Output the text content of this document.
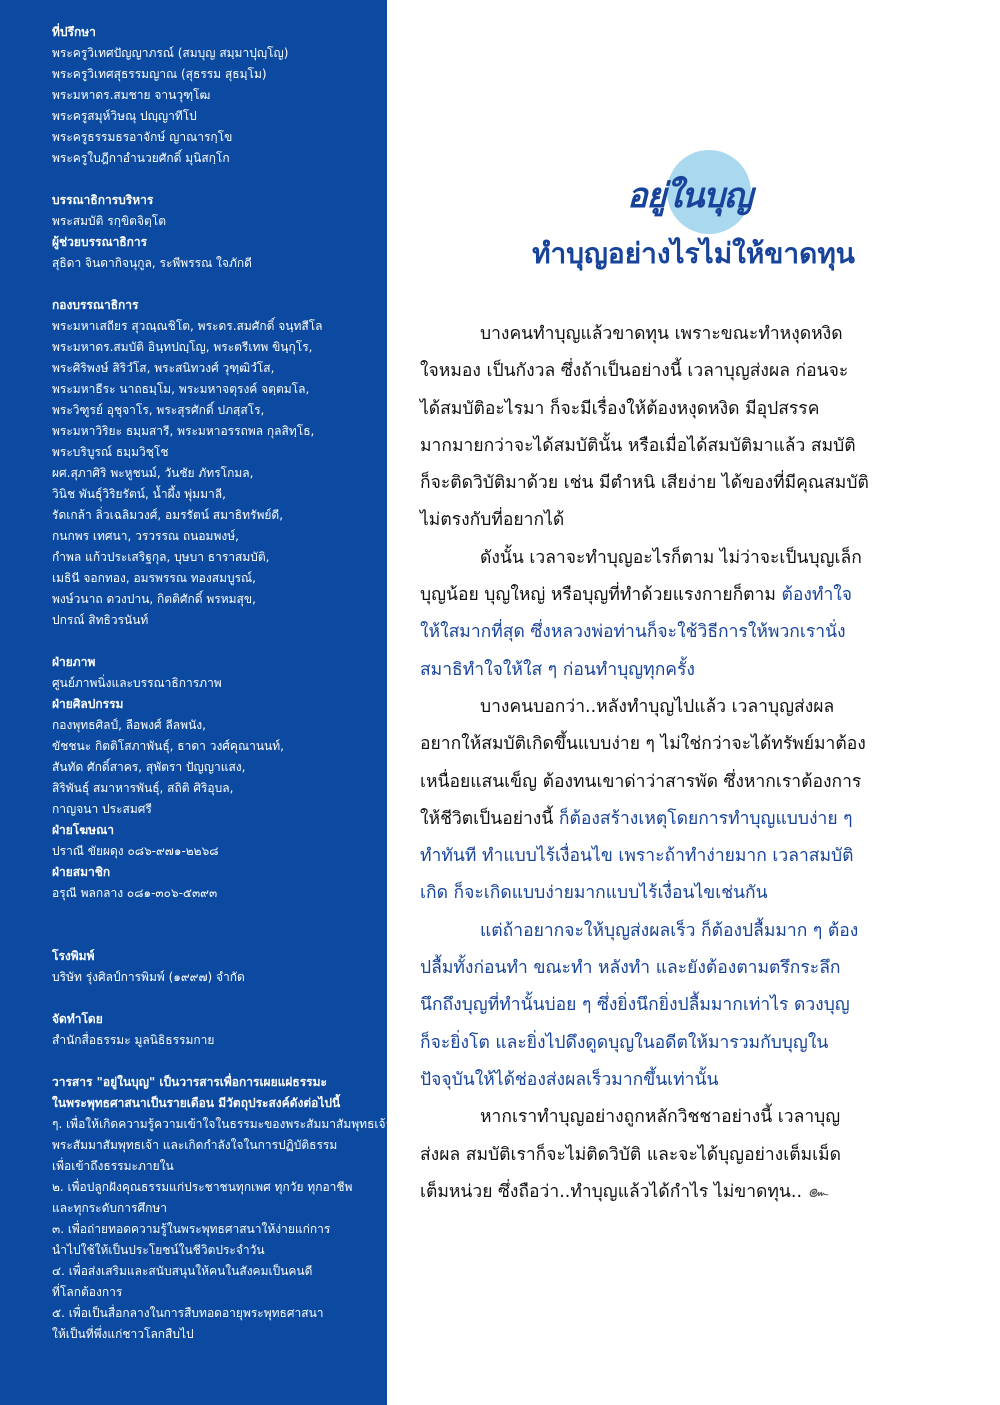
ที่ปรึกษา
พระครูวิเทศปัญญาภรณ์ (สมบุญ สมฺมาปุญฺโญ)
พระครูวิเทศสุธรรมญาณ (สุธรรม สุธมฺโม)
พระมหาดร.สมชาย จานวุฑฺโฒ
พระครูสมุห์วิษณุ ปญฺญาทีโป
พระครูธรรมธรอาจักษ์ ญาณารกฺโข
พระครูใบฎีกาอำนวยศักดิ์ มุนิสกฺโก
บรรณาธิการบริหาร
พระสมบัติ รกฺขิตจิตฺโต
ผู้ช่วยบรรณาธิการ
สุธิดา จินดากิจนุกูล, ระพีพรรณ ใจภักดี
กองบรรณาธิการ
พระมหาเสถียร สุวณฺณชิโต, พระดร.สมศักดิ์ จนฺทสีโล
พระมหาดร.สมบัติ อินฺทปญฺโญ, พระตรีเทพ ขินฺกุโร,
พระศิริพงษ์ สิริวํโส, พระสนิทวงศ์ วุฑฺฒิวํโส,
พระมหาธีระ นาถธมฺโม, พระมหาจตุรงค์ จตฺตมโล,
พระวิฑูรย์ อุชุจาโร, พระสุรศักดิ์ ปภสฺสโร,
พระมหาวิริยะ ธมฺมสารี, พระมหาอรรถพล กุลสิทฺโธ,
พระบริบูรณ์ ธมฺมวิชฺโช
ผศ.สุภาศิริ พะหูชนม์, วันชัย ภัทรโกมล,
วินิช พันธุ์วิริยรัตน์, น้ำผึ้ง พุ่มมาลี,
รัดเกล้า ลิ่วเฉลิมวงศ์, อมรรัตน์ สมาธิทรัพย์ดี,
กนกพร เทศนา, วรวรรณ ถนอมพงษ์,
กำพล แก้วประเสริฐกุล, บุษบา ธาราสมบัติ,
เมธินี จอกทอง, อมรพรรณ ทองสมบูรณ์,
พงษ์วนาถ ดวงปาน, กิตติศักดิ์ พรหมสุข,
ปกรณ์ สิทธิวรนันท์
ฝ่ายภาพ
ศูนย์ภาพนิ่งและบรรณาธิการภาพ
ฝ่ายศิลปกรรม
กองพุทธศิลป์, ลือพงศ์ ลีลพนัง,
ขัชชนะ กิตติโสภาพันธุ์, ธาดา วงศ์คุณานนท์,
สันทัด ศักดิ์สาคร, สุพัตรา ปัญญาแสง,
สิริพันธุ์ สมาหารพันธุ์, สถิติ ศิริอุบล,
กาญจนา ประสมศรี
ฝ่ายโฆษณา
ปราณี ขัยผดุง ๐๘๖-๙๗๑-๒๒๖๘
ฝ่ายสมาชิก
อรุณี พลกลาง ๐๘๑-๓๐๖-๕๓๙๓
โรงพิมพ์
บริษัท รุ่งศิลป์การพิมพ์ (๑๙๙๗) จำกัด
จัดทำโดย
สำนักสื่อธรรมะ มูลนิธิธรรมกาย
วารสาร "อยู่ในบุญ" เป็นวารสารเพื่อการเผยแผ่ธรรมะ
ในพระพุทธศาสนาเป็นรายเดือน มีวัตถุประสงค์ดังต่อไปนี้
ๆ. เพื่อให้เกิดความรู้ความเข้าใจในธรรมะของพระสัมมาสัมพุทธเจ้า และเกิดกำลังใจในการปฏิบัติธรรม
พระสัมมาสัมพุทธเจ้า และเกิดกำลังใจในการปฏิบัติธรรม
เพื่อเข้าถึงธรรมะภายใน
๒. เพื่อปลูกฝังคุณธรรมแก่ประชาชนทุกเพศ ทุกวัย ทุกอาชีพ
และทุกระดับการศึกษา
๓. เพื่อถ่ายทอดความรู้ในพระพุทธศาสนาให้ง่ายแก่การ
นำไปใช้ให้เป็นประโยชน์ในชีวิตประจำวัน
๔. เพื่อส่งเสริมและสนับสนุนให้คนในสังคมเป็นคนดี
ที่โลกต้องการ
๕. เพื่อเป็นสื่อกลางในการสืบทอดอายุพระพุทธศาสนา
ให้เป็นที่พึ่งแก่ชาวโลกสืบไป
อยู่ในบุญ
ทำบุญอย่างไรไม่ให้ขาดทุน
บางคนทำบุญแล้วขาดทุน เพราะขณะทำหงุดหงิด
ใจหมอง เป็นกังวล ซึ่งถ้าเป็นอย่างนี้ เวลาบุญส่งผล ก่อนจะ
ได้สมบัติอะไรมา ก็จะมีเรื่องให้ต้องหงุดหงิด มีอุปสรรค
มากมายกว่าจะได้สมบัตินั้น หรือเมื่อได้สมบัติมาแล้ว สมบัติ
ก็จะติดวิบัติมาด้วย เช่น มีตำหนิ เสียง่าย ได้ของที่มีคุณสมบัติ
ไม่ตรงกับที่อยากได้
ดังนั้น เวลาจะทำบุญอะไรก็ตาม ไม่ว่าจะเป็นบุญเล็ก
บุญน้อย บุญใหญ่ หรือบุญที่ทำด้วยแรงกายก็ตาม ต้องทำใจ
ให้ใสมากที่สุด ซึ่งหลวงพ่อท่านก็จะใช้วิธีการให้พวกเรานั่ง
สมาธิทำใจให้ใส ๆ ก่อนทำบุญทุกครั้ง
บางคนบอกว่า..หลังทำบุญไปแล้ว เวลาบุญส่งผล
อยากให้สมบัติเกิดขึ้นแบบง่าย ๆ ไม่ใช่กว่าจะได้ทรัพย์มาต้อง
เหนื่อยแสนเข็ญ ต้องทนเขาด่าว่าสารพัด ซึ่งหากเราต้องการ
ให้ชีวิตเป็นอย่างนี้ ก็ต้องสร้างเหตุโดยการทำบุญแบบง่าย ๆ
ทำทันที ทำแบบไร้เงื่อนไข เพราะถ้าทำง่ายมาก เวลาสมบัติ
เกิด ก็จะเกิดแบบง่ายมากแบบไร้เงื่อนไขเช่นกัน
แต่ถ้าอยากจะให้บุญส่งผลเร็ว ก็ต้องปลื้มมาก ๆ ต้อง
ปลื้มทั้งก่อนทำ ขณะทำ หลังทำ และยังต้องตามตรึกระลึก
นึกถึงบุญที่ทำนั้นบ่อย ๆ ซึ่งยิ่งนึกยิ่งปลื้มมากเท่าไร ดวงบุญ
ก็จะยิ่งโต และยิ่งไปดึงดูดบุญในอดีตให้มารวมกับบุญใน
ปัจจุบันให้ได้ช่องส่งผลเร็วมากขึ้นเท่านั้น
หากเราทำบุญอย่างถูกหลักวิชชาอย่างนี้ เวลาบุญ
ส่งผล สมบัติเราก็จะไม่ติดวิบัติ และจะได้บุญอย่างเต็มเม็ด
เต็มหน่วย ซึ่งถือว่า..ทำบุญแล้วได้กำไร ไม่ขาดทุน.. ๛
